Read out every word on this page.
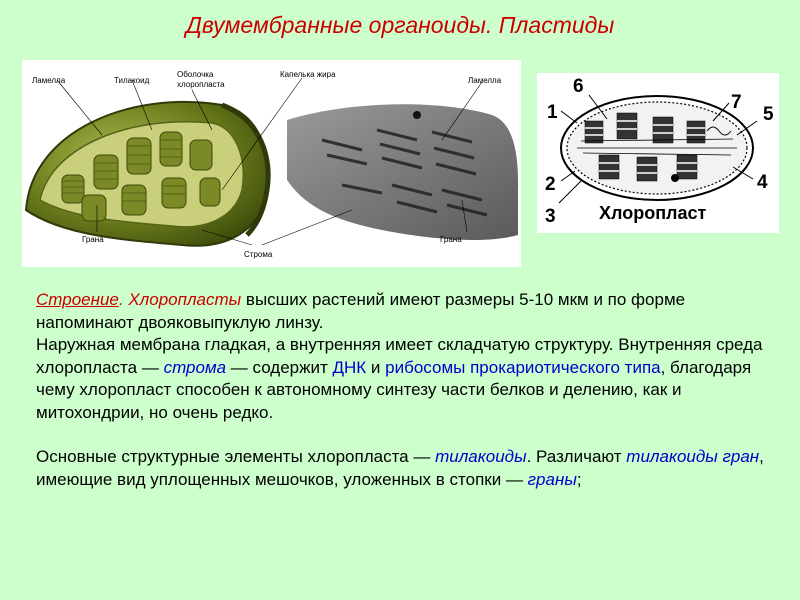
Двумембранные органоиды. Пластиды
Ламелла	Тилакоид
Оболочка
хлоропласта
Капелька жира
Ламелла
Грана	Грана
Строма
1
2
3
4
5
6
7
Хлоропласт

Строение. Хлоропласты высших растений имеют размеры 5-10 мкм и по форме напоминают двояковыпуклую линзу.
Наружная мембрана гладкая, а внутренняя имеет складчатую структуру. Внутренняя среда хлоропласта — строма — содержит ДНК и рибосомы прокариотического типа, благодаря чему хлоропласт способен к автономному синтезу части белков и делению, как и митохондрии, но очень редко.

Основные структурные элементы хлоропласта — тилакоиды. Различают тилакоиды гран, имеющие вид уплощенных мешочков, уложенных в стопки — граны;
